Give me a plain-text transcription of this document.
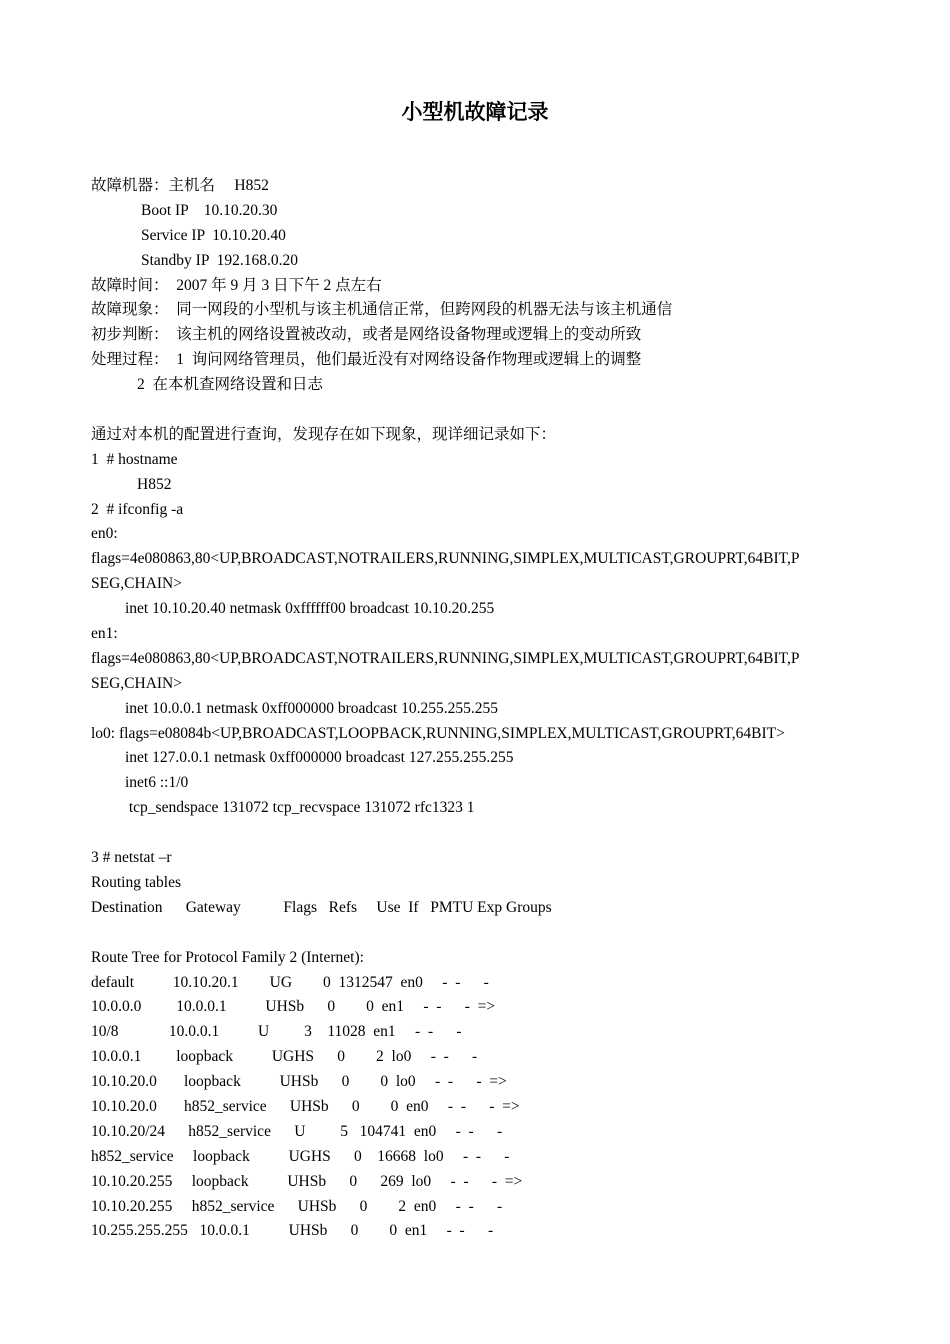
小型机故障记录
故障机器：主机名     H852
Boot IP    10.10.20.30
Service IP  10.10.20.40
Standby IP  192.168.0.20
故障时间：  2007 年 9 月 3 日下午 2 点左右
故障现象：  同一网段的小型机与该主机通信正常，但跨网段的机器无法与该主机通信
初步判断：  该主机的网络设置被改动，或者是网络设备物理或逻辑上的变动所致
处理过程：  1  询问网络管理员，他们最近没有对网络设备作物理或逻辑上的调整
2  在本机查网络设置和日志
通过对本机的配置进行查询，发现存在如下现象，现详细记录如下：
1  # hostname
H852
2  # ifconfig -a
en0:
flags=4e080863,80<UP,BROADCAST,NOTRAILERS,RUNNING,SIMPLEX,MULTICAST,GROUPRT,64BIT,P
SEG,CHAIN>
inet 10.10.20.40 netmask 0xffffff00 broadcast 10.10.20.255
en1:
flags=4e080863,80<UP,BROADCAST,NOTRAILERS,RUNNING,SIMPLEX,MULTICAST,GROUPRT,64BIT,P
SEG,CHAIN>
inet 10.0.0.1 netmask 0xff000000 broadcast 10.255.255.255
lo0: flags=e08084b<UP,BROADCAST,LOOPBACK,RUNNING,SIMPLEX,MULTICAST,GROUPRT,64BIT>
inet 127.0.0.1 netmask 0xff000000 broadcast 127.255.255.255
inet6 ::1/0
tcp_sendspace 131072 tcp_recvspace 131072 rfc1323 1
3 # netstat –r
Routing tables
Destination      Gateway           Flags   Refs     Use  If   PMTU Exp Groups
Route Tree for Protocol Family 2 (Internet):
default          10.10.20.1        UG        0  1312547  en0     -  -      -
10.0.0.0         10.0.0.1          UHSb      0        0  en1     -  -      -  =>
10/8             10.0.0.1          U         3    11028  en1     -  -      -
10.0.0.1         loopback          UGHS      0        2  lo0     -  -      -
10.10.20.0       loopback          UHSb      0        0  lo0     -  -      -  =>
10.10.20.0       h852_service      UHSb      0        0  en0     -  -      -  =>
10.10.20/24      h852_service      U         5   104741  en0     -  -      -
h852_service     loopback          UGHS      0    16668  lo0     -  -      -
10.10.20.255     loopback          UHSb      0      269  lo0     -  -      -  =>
10.10.20.255     h852_service      UHSb      0        2  en0     -  -      -
10.255.255.255   10.0.0.1          UHSb      0        0  en1     -  -      -
